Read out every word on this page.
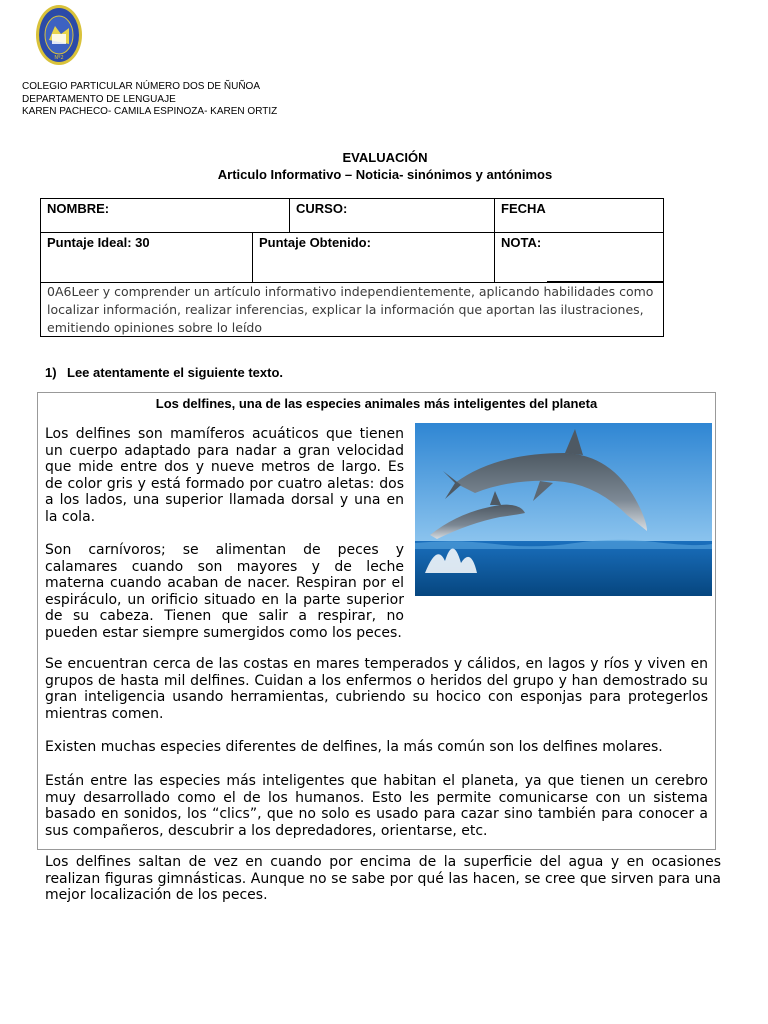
Nº2
COLEGIO PARTICULAR NÚMERO DOS DE ÑUÑOA
DEPARTAMENTO DE LENGUAJE
KAREN PACHECO- CAMILA ESPINOZA- KAREN ORTIZ
EVALUACIÓN
Articulo Informativo – Noticia- sinónimos y antónimos
NOMBRE:	CURSO:	FECHA
Puntaje Ideal: 30	Puntaje Obtenido:	NOTA:
0A6Leer y comprender un artículo informativo independientemente, aplicando habilidades como localizar información, realizar inferencias, explicar la información que aportan las ilustraciones, emitiendo opiniones sobre lo leído
1) Lee atentamente el siguiente texto.
Los delfines, una de las especies animales más inteligentes del planeta

Los delfines son mamíferos acuáticos que tienen un cuerpo adaptado para nadar a gran velocidad que mide entre dos y nueve metros de largo. Es de color gris y está formado por cuatro aletas: dos a los lados, una superior llamada dorsal y una en la cola.

Son carnívoros; se alimentan de peces y calamares cuando son mayores y de leche materna cuando acaban de nacer. Respiran por el espiráculo, un orificio situado en la parte superior de su cabeza. Tienen que salir a respirar, no pueden estar siempre sumergidos como los peces.

Se encuentran cerca de las costas en mares temperados y cálidos, en lagos y ríos y viven en grupos de hasta mil delfines. Cuidan a los enfermos o heridos del grupo y han demostrado su gran inteligencia usando herramientas, cubriendo su hocico con esponjas para protegerlos mientras comen.

Existen muchas especies diferentes de delfines, la más común son los delfines molares.

Están entre las especies más inteligentes que habitan el planeta, ya que tienen un cerebro muy desarrollado como el de los humanos. Esto les permite comunicarse con un sistema basado en sonidos, los “clics”, que no solo es usado para cazar sino también para conocer a sus compañeros, descubrir a los depredadores, orientarse, etc.

Los delfines saltan de vez en cuando por encima de la superficie del agua y en ocasiones realizan figuras gimnásticas. Aunque no se sabe por qué las hacen, se cree que sirven para una mejor localización de los peces.
